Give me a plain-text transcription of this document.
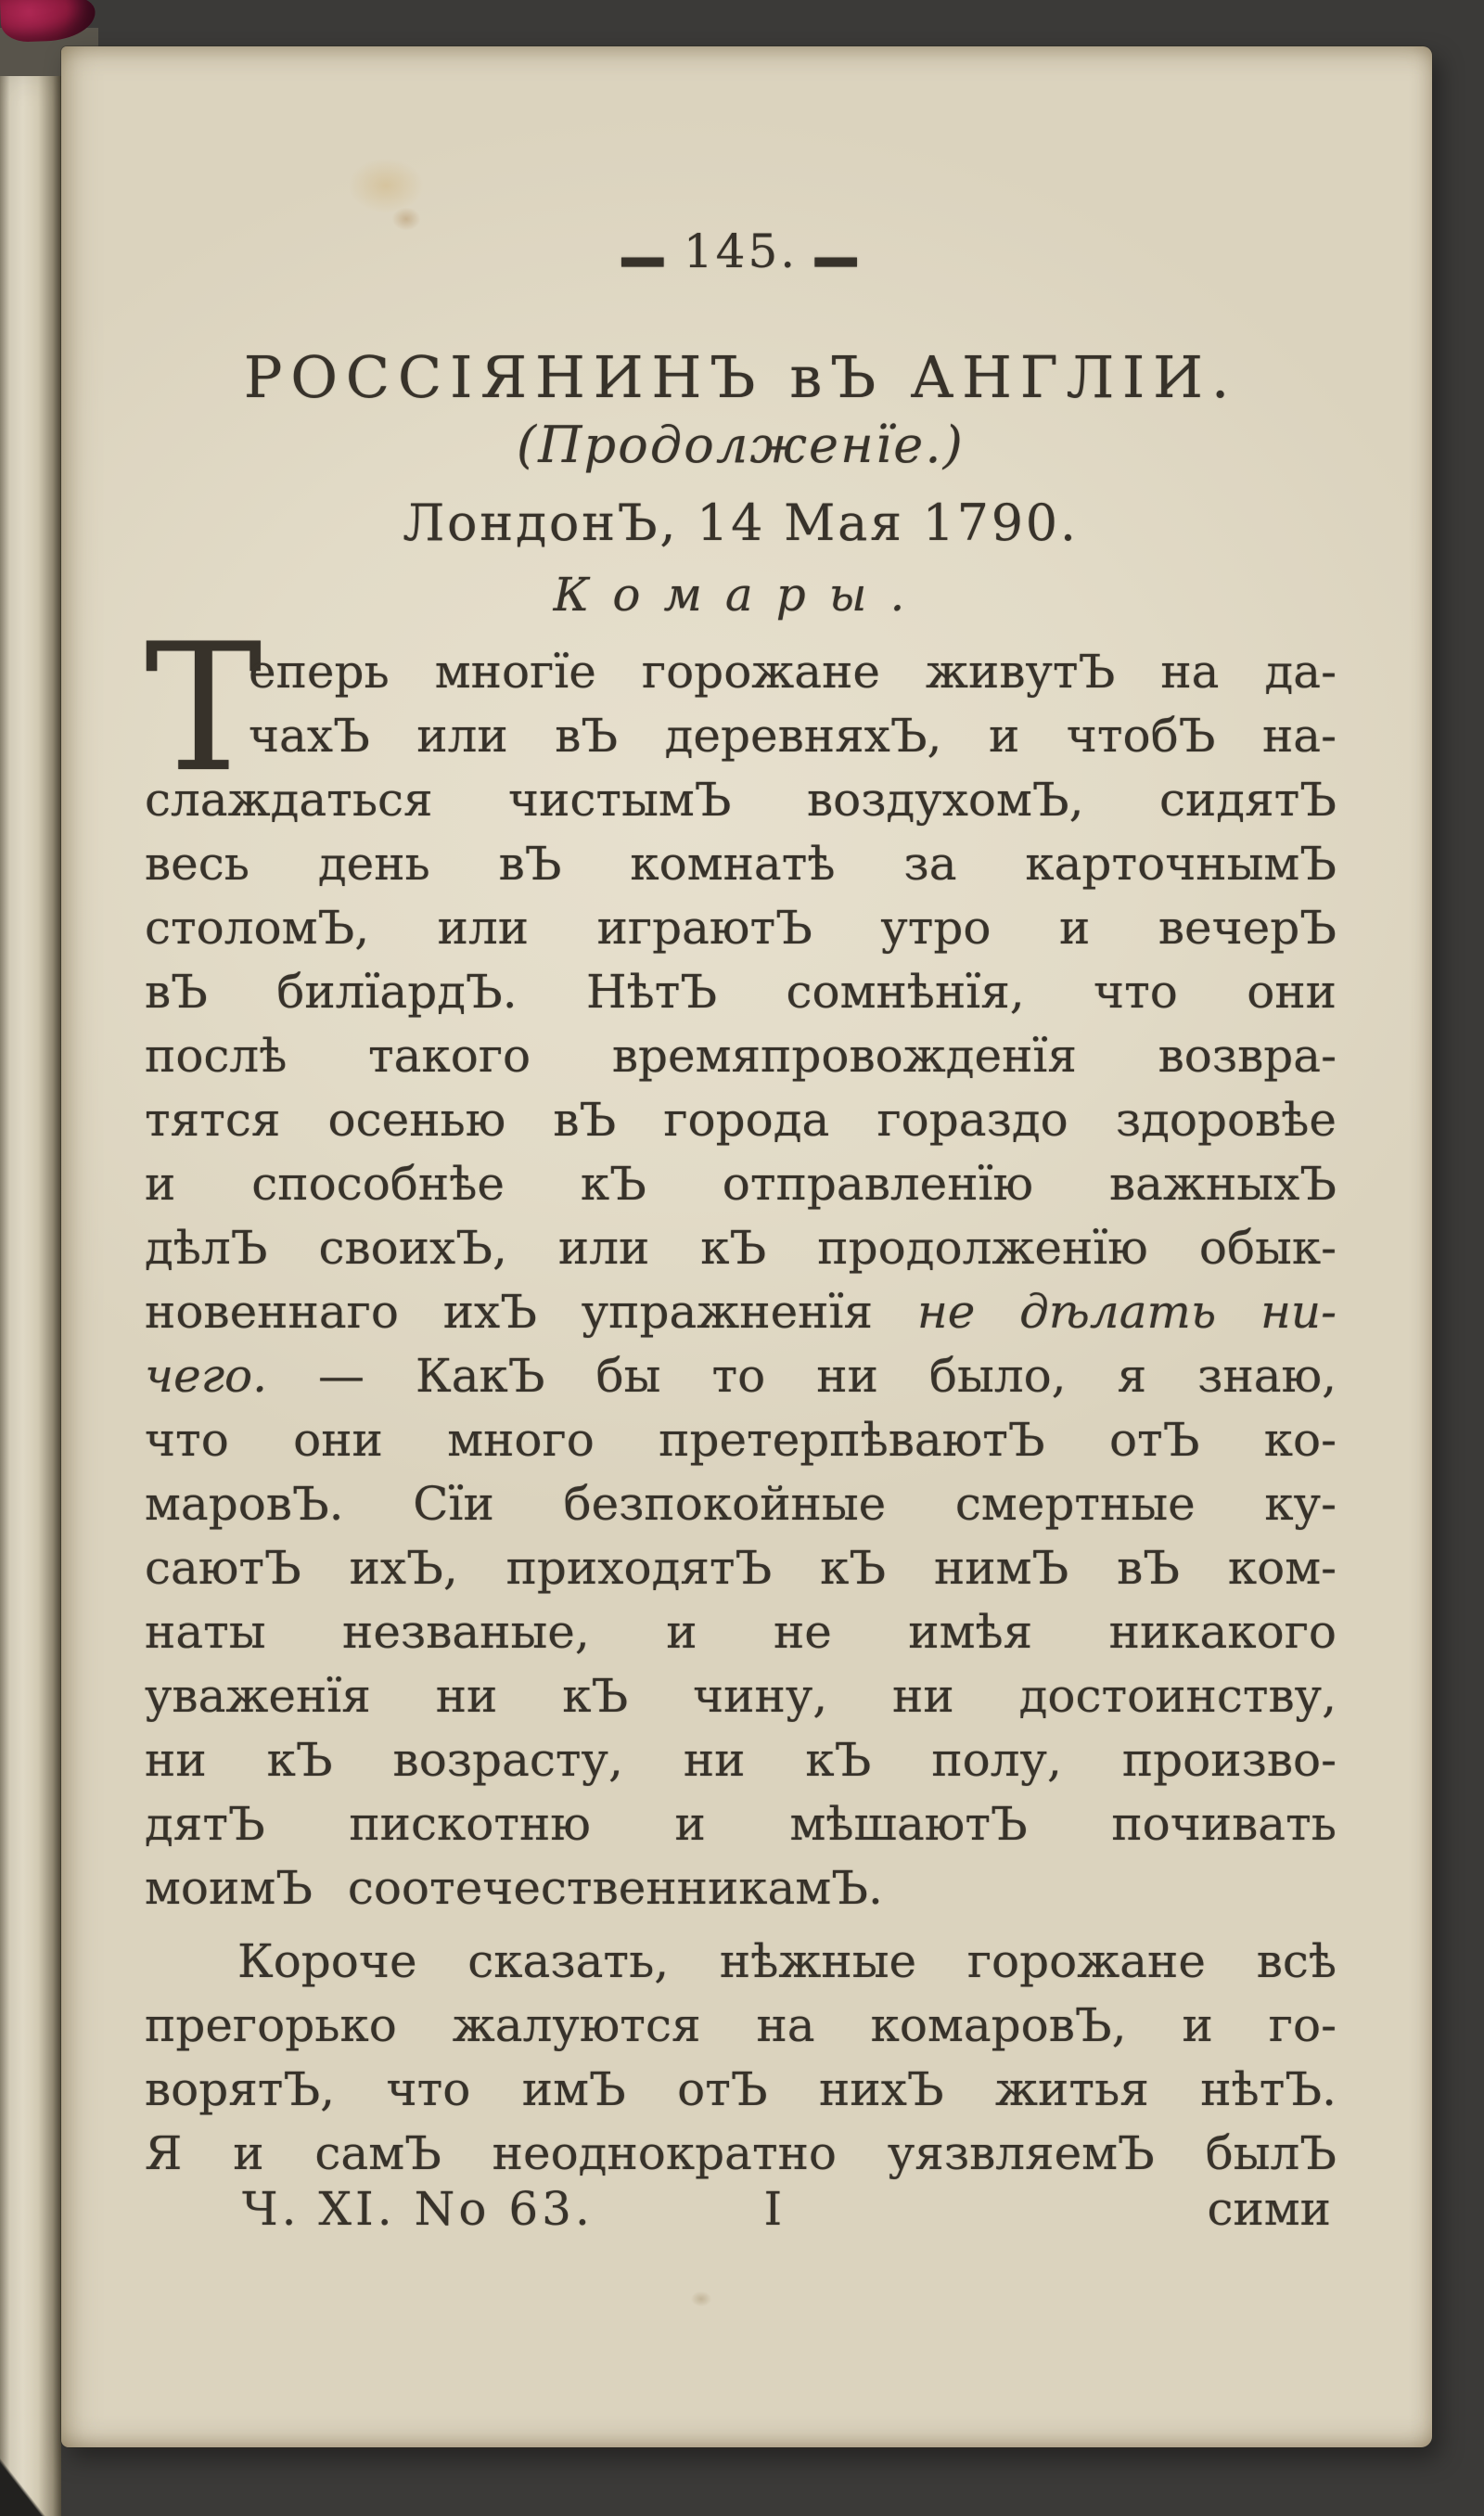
— 145. —
РОССІЯНИНЪ вЪ АНГЛІИ.
(Продолженїе.)
ЛондонЪ, 14 Мая 1790.
Комары.
Т
еперь многїе горожане живутЪ на да-
чахЪ или вЪ деревняхЪ, и чтобЪ на-
слаждаться чистымЪ воздухомЪ, сидятЪ
весь день вЪ комнатѣ за карточнымЪ
столомЪ, или играютЪ утро и вечерЪ
вЪ билїардЪ. НѣтЪ сомнѣнїя, что они
послѣ такого времяпровожденїя возвра-
тятся осенью вЪ города гораздо здоровѣе
и способнѣе кЪ отправленїю важныхЪ
дѣлЪ своихЪ, или кЪ продолженїю обык-
новеннаго ихЪ упражненїя не дѣлать ни-
чего. — КакЪ бы то ни было, я знаю,
что они много претерпѣваютЪ отЪ ко-
маровЪ. Сїи безпокойные смертные ку-
саютЪ ихЪ, приходятЪ кЪ нимЪ вЪ ком-
наты незваные, и не имѣя никакого
уваженїя ни кЪ чину, ни достоинству,
ни кЪ возрасту, ни кЪ полу, произво-
дятЪ пискотню и мѣшаютЪ почивать
моимЪ соотечественникамЪ.
Короче сказать, нѣжные горожане всѣ
прегорько жалуются на комаровЪ, и го-
ворятЪ, что имЪ отЪ нихЪ житья нѣтЪ.
Я и самЪ неоднократно уязвляемЪ былЪ
Ч. XI. No 63.	I	сими
